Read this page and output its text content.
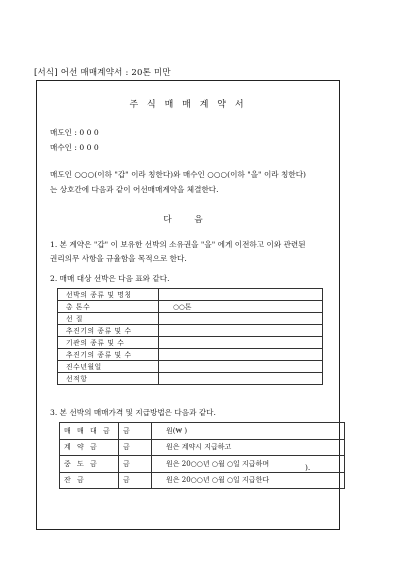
[서식] 어선 매매계약서 : 20톤 미만
주 식 매 매 계 약 서
매도인 : 0 0 0
매수인 : 0 0 0
매도인 ○○○(이하 "갑" 이라 칭한다)와 매수인 ○○○(이하 "을" 이라 칭한다)
는 상호간에 다음과 같이 어선매매계약을 체결한다.
다 음
1. 본 계약은 "갑" 이 보유한 선박의 소유권을 "을" 에게 이전하고 이와 관련된
권리의무 사항을 규율함을 목적으로 한다.
2. 매매 대상 선박은 다음 표와 같다.
선박의 종류 및 명칭	
총 톤수	○○톤
선 질	
추진기의 종류 및 수	
기관의 종류 및 수	
추진기의 종류 및 수	
진수년월일	
선적항	
3. 본 선박의 매매가격 및 지급방법은 다음과 같다.
매 매 대 금	금	원(₩ )
계 약 금	금	원은 계약시 지급하고
중 도 금	금	원은 20○○년 ○월 ○일 지급하며
잔 금	금	원은 20○○년 ○월 ○일 지급한다
).
